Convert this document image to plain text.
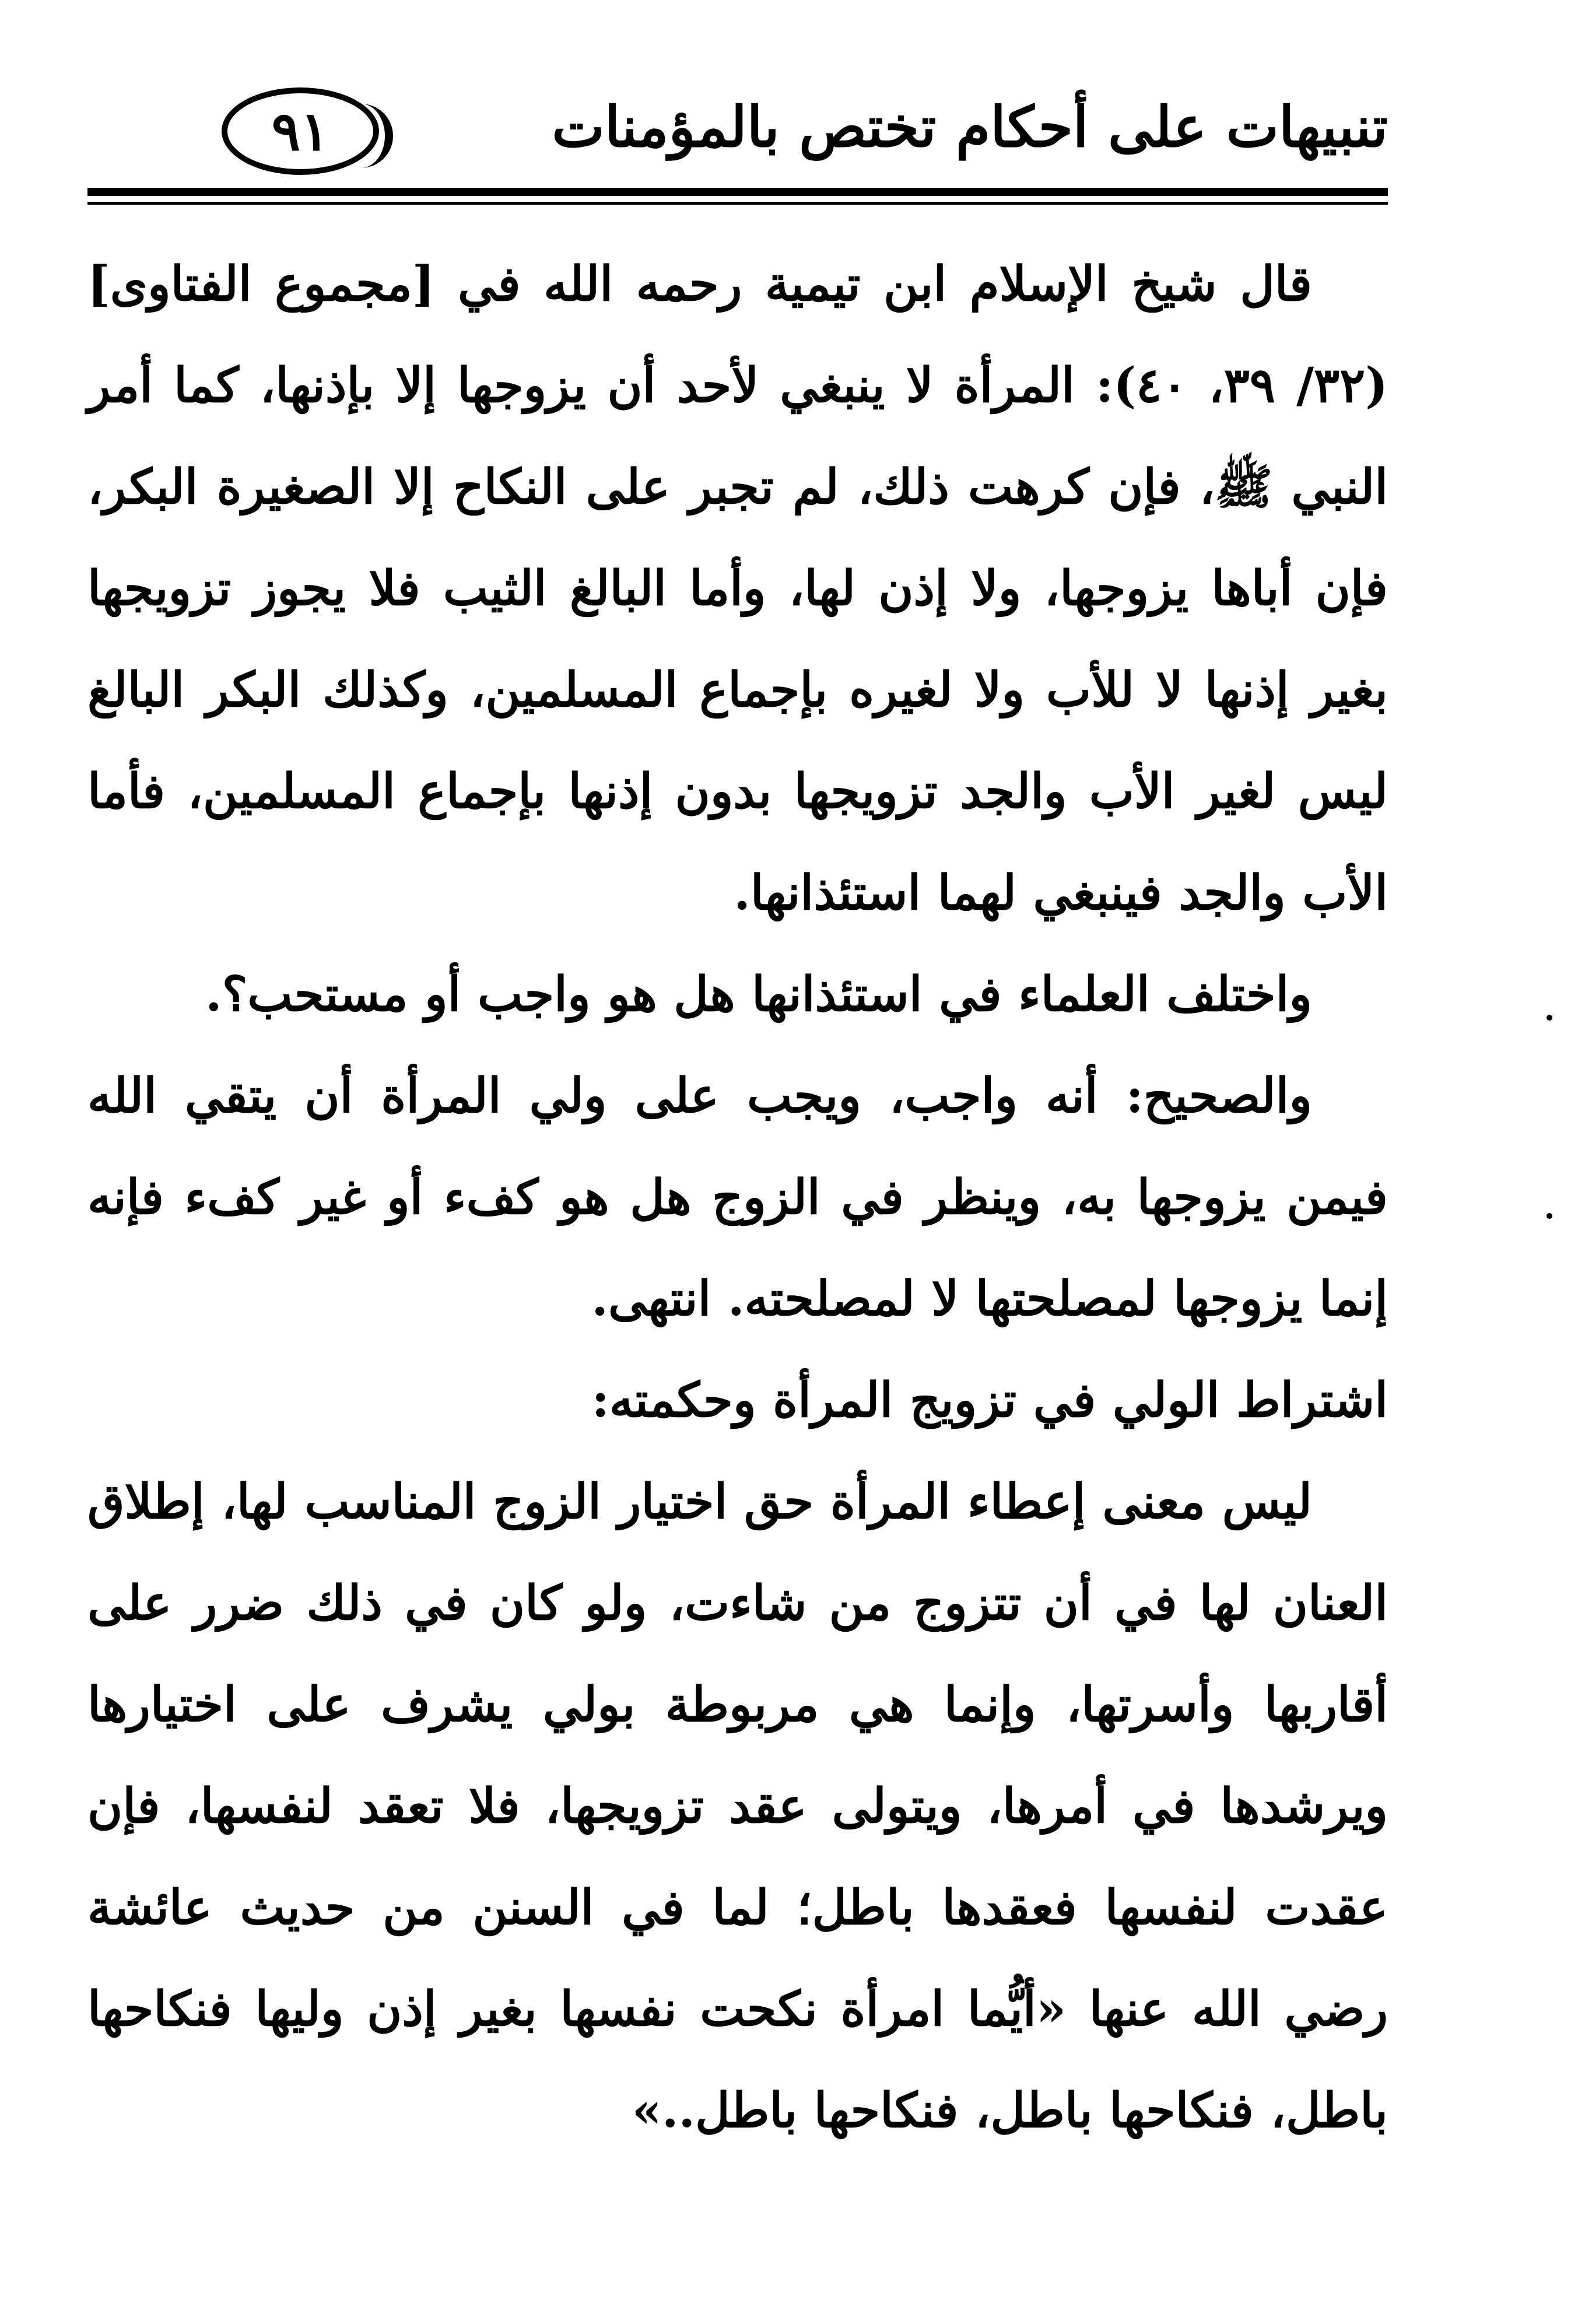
تنبيهات على أحكام تختص بالمؤمنات
٩١

قال شيخ الإسلام ابن تيمية رحمه الله في [مجموع الفتاوى] (٣٢/ ٣٩، ٤٠): المرأة لا ينبغي لأحد أن يزوجها إلا بإذنها، كما أمر النبي ﷺ، فإن كرهت ذلك، لم تجبر على النكاح إلا الصغيرة البكر، فإن أباها يزوجها، ولا إذن لها، وأما البالغ الثيب فلا يجوز تزويجها بغير إذنها لا للأب ولا لغيره بإجماع المسلمين، وكذلك البكر البالغ ليس لغير الأب والجد تزويجها بدون إذنها بإجماع المسلمين، فأما الأب والجد فينبغي لهما استئذانها.

واختلف العلماء في استئذانها هل هو واجب أو مستحب؟.

والصحيح: أنه واجب، ويجب على ولي المرأة أن يتقي الله فيمن يزوجها به، وينظر في الزوج هل هو كفء أو غير كفء فإنه إنما يزوجها لمصلحتها لا لمصلحته. انتهى.

اشتراط الولي في تزويج المرأة وحكمته:

ليس معنى إعطاء المرأة حق اختيار الزوج المناسب لها، إطلاق العنان لها في أن تتزوج من شاءت، ولو كان في ذلك ضرر على أقاربها وأسرتها، وإنما هي مربوطة بولي يشرف على اختيارها ويرشدها في أمرها، ويتولى عقد تزويجها، فلا تعقد لنفسها، فإن عقدت لنفسها فعقدها باطل؛ لما في السنن من حديث عائشة رضي الله عنها «أيُّما امرأة نكحت نفسها بغير إذن وليها فنكاحها باطل، فنكاحها باطل، فنكاحها باطل..»
